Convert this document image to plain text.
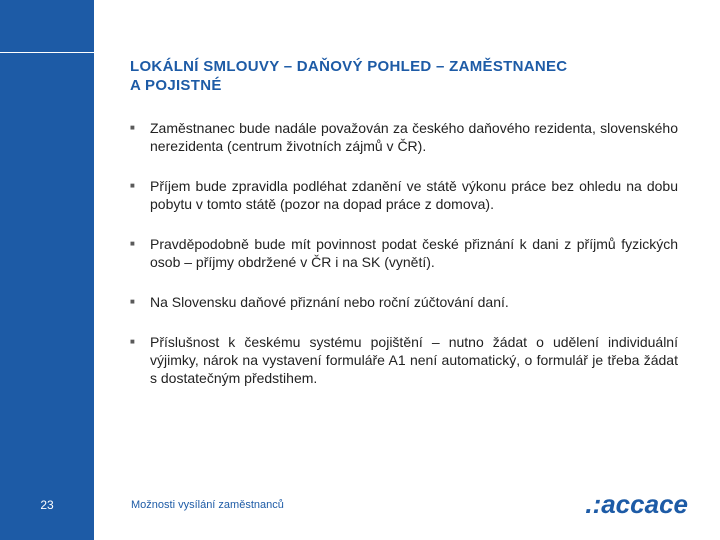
23
LOKÁLNÍ SMLOUVY – DAŇOVÝ POHLED – ZAMĚSTNANEC
A POJISTNÉ
■	Zaměstnanec bude nadále považován za českého daňového rezidenta, slovenského nerezidenta (centrum životních zájmů v ČR).
■	Příjem bude zpravidla podléhat zdanění ve státě výkonu práce bez ohledu na dobu pobytu v tomto státě (pozor na dopad práce z domova).
■	Pravděpodobně bude mít povinnost podat české přiznání k dani z příjmů fyzických osob – příjmy obdržené v ČR i na SK (vynětí).
■	Na Slovensku daňové přiznání nebo roční zúčtování daní.
■	Příslušnost k českému systému pojištění – nutno žádat o udělení individuální výjimky, nárok na vystavení formuláře A1 není automatický, o formulář je třeba žádat s dostatečným předstihem.
Možnosti vysílání zaměstnanců	.:accace
